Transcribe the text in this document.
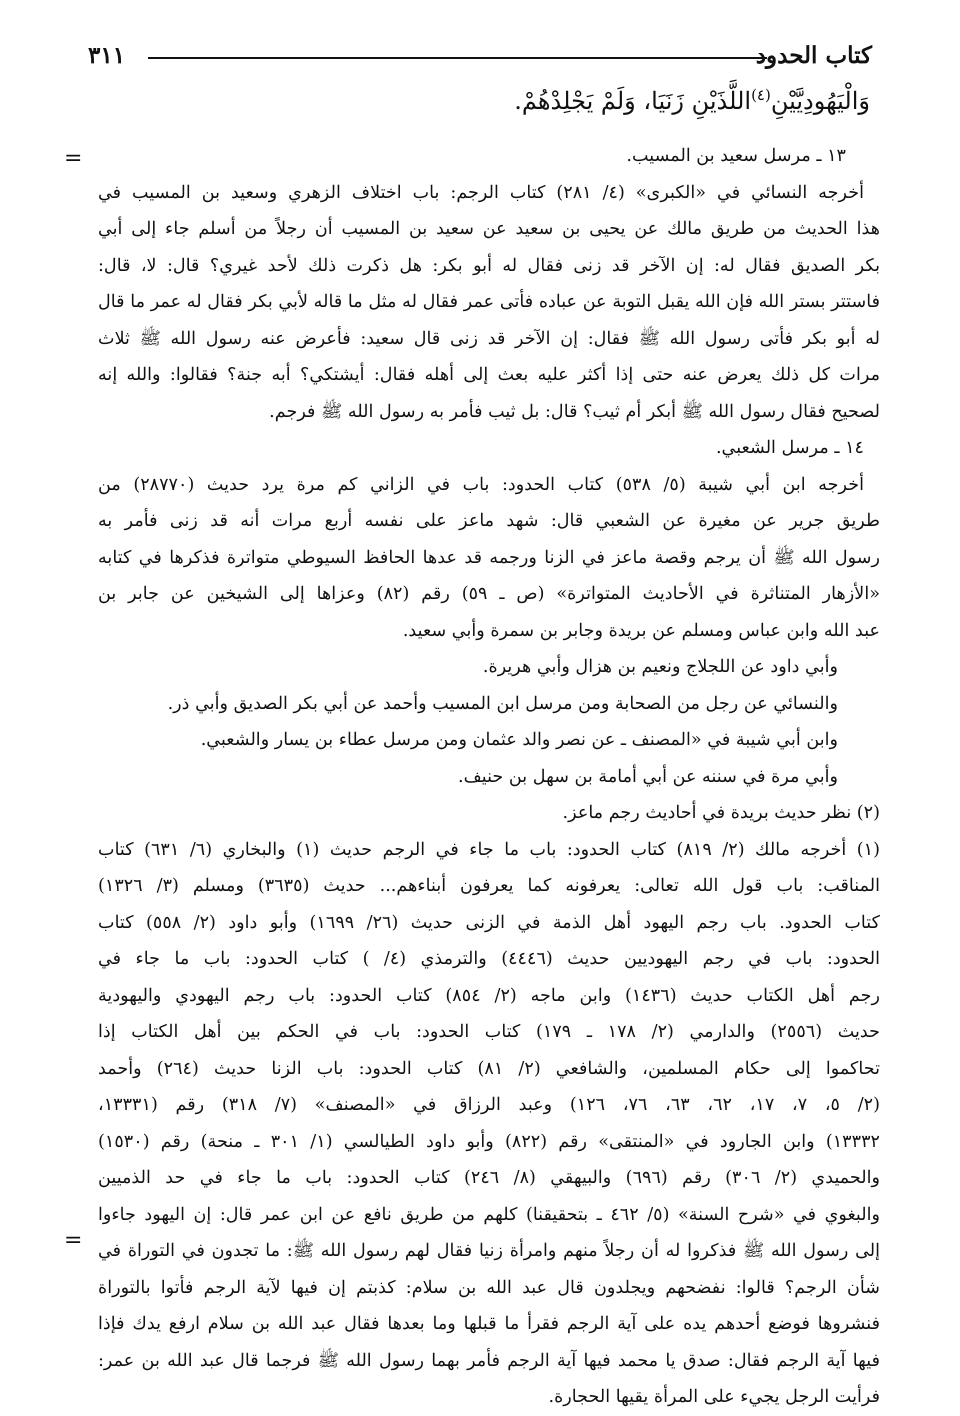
كتاب الحدود
٣١١
وَالْيَهُودِيَّيْنِ$^{(٤)}$اللَّذَيْنِ زَنَيَا، وَلَمْ يَجْلِدْهُمْ.
=
=
١٣ ـ مرسل سعيد بن المسيب.
أخرجه النسائي في «الكبرى» (٤/ ٢٨١) كتاب الرجم: باب اختلاف الزهري وسعيد بن المسيب في
هذا الحديث من طريق مالك عن يحيى بن سعيد عن سعيد بن المسيب أن رجلاً من أسلم جاء إلى أبي
بكر الصديق فقال له: إن الآخر قد زنى فقال له أبو بكر: هل ذكرت ذلك لأحد غيري؟ قال: لا، قال:
فاستتر بستر الله فإن الله يقبل التوبة عن عباده فأتى عمر فقال له مثل ما قاله لأبي بكر فقال له عمر ما قال
له أبو بكر فأتى رسول الله ﷺ فقال: إن الآخر قد زنى قال سعيد: فأعرض عنه رسول الله ﷺ ثلاث
مرات كل ذلك يعرض عنه حتى إذا أكثر عليه بعث إلى أهله فقال: أيشتكي؟ أبه جنة؟ فقالوا: والله إنه
لصحيح فقال رسول الله ﷺ أبكر أم ثيب؟ قال: بل ثيب فأمر به رسول الله ﷺ فرجم.
١٤ ـ مرسل الشعبي.
أخرجه ابن أبي شيبة (٥/ ٥٣٨) كتاب الحدود: باب في الزاني كم مرة يرد حديث (٢٨٧٧٠) من
طريق جرير عن مغيرة عن الشعبي قال: شهد ماعز على نفسه أربع مرات أنه قد زنى فأمر به
رسول الله ﷺ أن يرجم وقصة ماعز في الزنا ورجمه قد عدها الحافظ السيوطي متواترة فذكرها في كتابه
«الأزهار المتناثرة في الأحاديث المتواترة» (ص ـ ٥٩) رقم (٨٢) وعزاها إلى الشيخين عن جابر بن
عبد الله وابن عباس ومسلم عن بريدة وجابر بن سمرة وأبي سعيد.
وأبي داود عن اللجلاج ونعيم بن هزال وأبي هريرة.
والنسائي عن رجل من الصحابة ومن مرسل ابن المسيب وأحمد عن أبي بكر الصديق وأبي ذر.
وابن أبي شيبة في «المصنف ـ عن نصر والد عثمان ومن مرسل عطاء بن يسار والشعبي.
وأبي مرة في سننه عن أبي أمامة بن سهل بن حنيف.
(٢) نظر حديث بريدة في أحاديث رجم ماعز.
(١) أخرجه مالك (٢/ ٨١٩) كتاب الحدود: باب ما جاء في الرجم حديث (١) والبخاري (٦/ ٦٣١) كتاب
المناقب: باب قول الله تعالى: يعرفونه كما يعرفون أبناءهم... حديث (٣٦٣٥) ومسلم (٣/ ١٣٢٦)
كتاب الحدود. باب رجم اليهود أهل الذمة في الزنى حديث (٢٦/ ١٦٩٩) وأبو داود (٢/ ٥٥٨) كتاب
الحدود: باب في رجم اليهوديين حديث (٤٤٤٦) والترمذي (٤/ ) كتاب الحدود: باب ما جاء في
رجم أهل الكتاب حديث (١٤٣٦) وابن ماجه (٢/ ٨٥٤) كتاب الحدود: باب رجم اليهودي واليهودية
حديث (٢٥٥٦) والدارمي (٢/ ١٧٨ ـ ١٧٩) كتاب الحدود: باب في الحكم بين أهل الكتاب إذا
تحاكموا إلى حكام المسلمين، والشافعي (٢/ ٨١) كتاب الحدود: باب الزنا حديث (٢٦٤) وأحمد
(٢/ ٥، ٧، ١٧، ٦٢، ٦٣، ٧٦، ١٢٦) وعبد الرزاق في «المصنف» (٧/ ٣١٨) رقم (١٣٣٣١،
١٣٣٣٢) وابن الجارود في «المنتقى» رقم (٨٢٢) وأبو داود الطيالسي (١/ ٣٠١ ـ منحة) رقم (١٥٣٠)
والحميدي (٢/ ٣٠٦) رقم (٦٩٦) والبيهقي (٨/ ٢٤٦) كتاب الحدود: باب ما جاء في حد الذميين
والبغوي في «شرح السنة» (٥/ ٤٦٢ ـ بتحقيقنا) كلهم من طريق نافع عن ابن عمر قال: إن اليهود جاءوا
إلى رسول الله ﷺ فذكروا له أن رجلاً منهم وامرأة زنيا فقال لهم رسول الله ﷺ: ما تجدون في التوراة في
شأن الرجم؟ قالوا: نفضحهم ويجلدون قال عبد الله بن سلام: كذبتم إن فيها لآية الرجم فأتوا بالتوراة
فنشروها فوضع أحدهم يده على آية الرجم فقرأ ما قبلها وما بعدها فقال عبد الله بن سلام ارفع يدك فإذا
فيها آية الرجم فقال: صدق يا محمد فيها آية الرجم فأمر بهما رسول الله ﷺ فرجما قال عبد الله بن عمر:
فرأيت الرجل يجيء على المرأة يقيها الحجارة.
